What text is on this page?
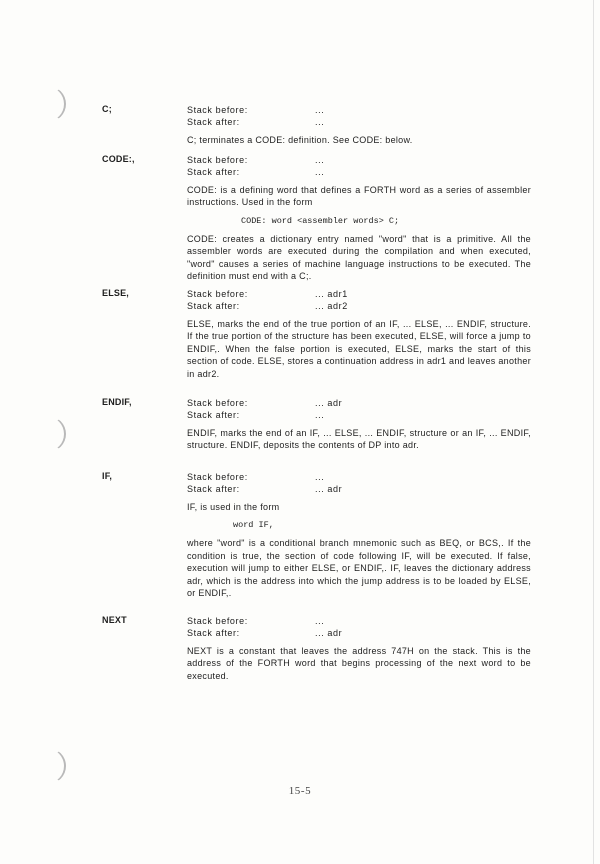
C;	Stack before:	...
Stack after:	...

C; terminates a CODE: definition. See CODE: below.

CODE:,	Stack before:	...
Stack after:	...

CODE: is a defining word that defines a FORTH word as a series of assembler instructions. Used in the form

CODE: word <assembler words> C;

CODE: creates a dictionary entry named "word" that is a primitive. All the assembler words are executed during the compilation and when executed, "word" causes a series of machine language instructions to be executed. The definition must end with a C;.

ELSE,	Stack before:	... adr1
Stack after:	... adr2

ELSE, marks the end of the true portion of an IF, ... ELSE, ... ENDIF, structure. If the true portion of the structure has been executed, ELSE, will force a jump to ENDIF,. When the false portion is executed, ELSE, marks the start of this section of code. ELSE, stores a continuation address in adr1 and leaves another in adr2.

ENDIF,	Stack before:	... adr
Stack after:	...

ENDIF, marks the end of an IF, ... ELSE, ... ENDIF, structure or an IF, ... ENDIF, structure. ENDIF, deposits the contents of DP into adr.

IF,	Stack before:	...
Stack after:	... adr

IF, is used in the form

word IF,

where "word" is a conditional branch mnemonic such as BEQ, or BCS,. If the condition is true, the section of code following IF, will be executed. If false, execution will jump to either ELSE, or ENDIF,. IF, leaves the dictionary address adr, which is the address into which the jump address is to be loaded by ELSE, or ENDIF,.

NEXT	Stack before:	...
Stack after:	... adr

NEXT is a constant that leaves the address 747H on the stack. This is the address of the FORTH word that begins processing of the next word to be executed.

15-5
